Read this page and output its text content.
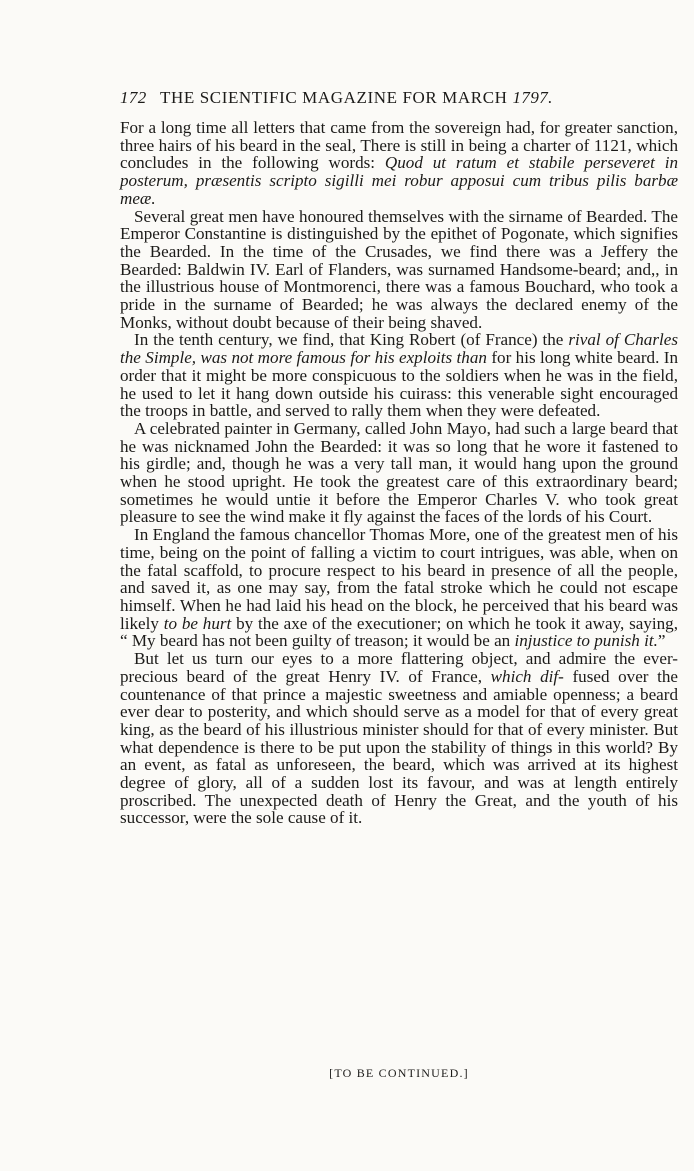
172 THE SCIENTIFIC MAGAZINE FOR MARCH 1797.

For a long time all letters that came from the sovereign had, for greater sanction, three hairs of his beard in the seal, There is still in being a charter of 1121, which concludes in the following words: Quod ut ratum et stabile perseveret in posterum, præsentis scripto sigilli mei robur apposui cum tribus pilis barbæ meæ.

Several great men have honoured themselves with the sirname of Bearded. The Emperor Constantine is distinguished by the epithet of Pogonate, which signifies the Bearded. In the time of the Crusades, we find there was a Jeffery the Bearded: Baldwin IV. Earl of Flanders, was surnamed Handsome-beard; and,, in the illustrious house of Montmorenci, there was a famous Bouchard, who took a pride in the surname of Bearded; he was always the declared enemy of the Monks, without doubt because of their being shaved.

In the tenth century, we find, that King Robert (of France) the rival of Charles the Simple, was not more famous for his exploits than for his long white beard. In order that it might be more conspicuous to the soldiers when he was in the field, he used to let it hang down outside his cuirass: this venerable sight encouraged the troops in battle, and served to rally them when they were defeated.

A celebrated painter in Germany, called John Mayo, had such a large beard that he was nicknamed John the Bearded: it was so long that he wore it fastened to his girdle; and, though he was a very tall man, it would hang upon the ground when he stood upright. He took the greatest care of this extraordinary beard; sometimes he would untie it before the Emperor Charles V. who took great pleasure to see the wind make it fly against the faces of the lords of his Court.

In England the famous chancellor Thomas More, one of the greatest men of his time, being on the point of falling a victim to court intrigues, was able, when on the fatal scaffold, to procure respect to his beard in presence of all the people, and saved it, as one may say, from the fatal stroke which he could not escape himself. When he had laid his head on the block, he perceived that his beard was likely to be hurt by the axe of the executioner; on which he took it away, saying, “ My beard has not been guilty of treason; it would be an injustice to punish it.”

But let us turn our eyes to a more flattering object, and admire the ever-precious beard of the great Henry IV. of France, which dif- fused over the countenance of that prince a majestic sweetness and amiable openness; a beard ever dear to posterity, and which should serve as a model for that of every great king, as the beard of his illustrious minister should for that of every minister. But what dependence is there to be put upon the stability of things in this world? By an event, as fatal as unforeseen, the beard, which was arrived at its highest degree of glory, all of a sudden lost its favour, and was at length entirely proscribed. The unexpected death of Henry the Great, and the youth of his successor, were the sole cause of it.

[TO BE CONTINUED.]
